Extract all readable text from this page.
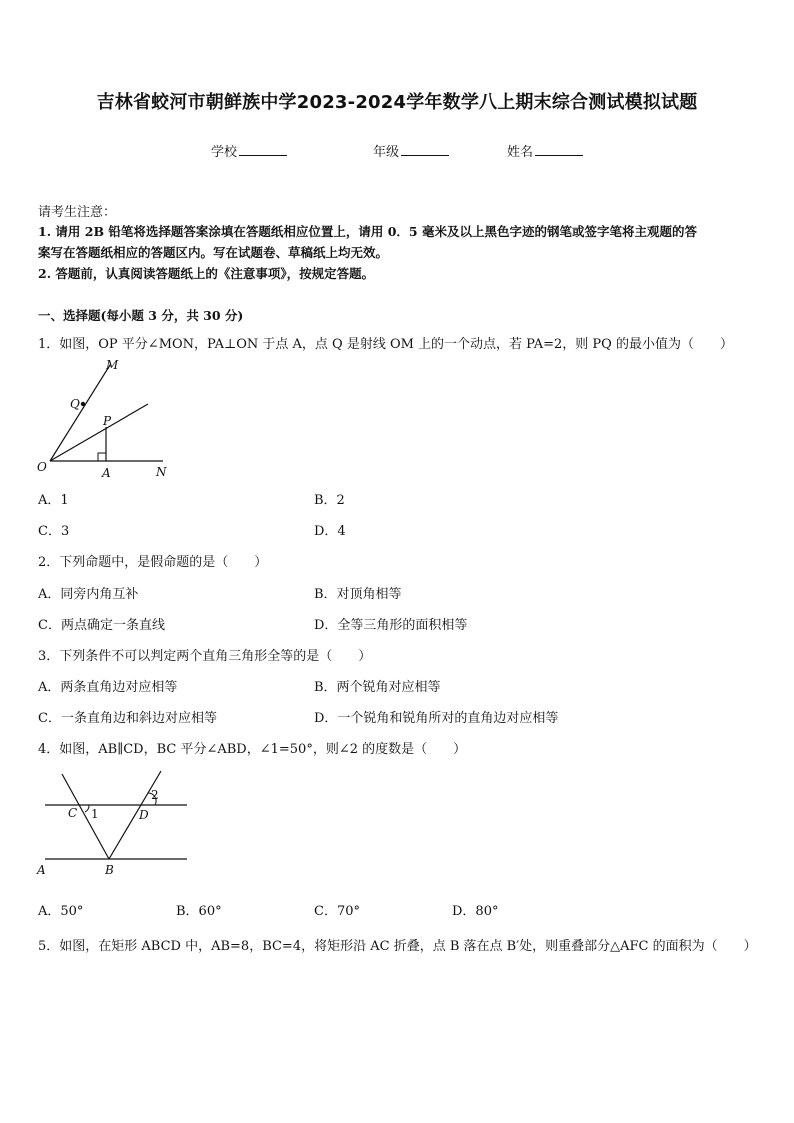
吉林省蛟河市朝鲜族中学2023-2024学年数学八上期末综合测试模拟试题
学校	年级	姓名
请考生注意：
1. 请用 2B 铅笔将选择题答案涂填在答题纸相应位置上，请用 0．5 毫米及以上黑色字迹的钢笔或签字笔将主观题的答
案写在答题纸相应的答题区内。写在试题卷、草稿纸上均无效。
2. 答题前，认真阅读答题纸上的《注意事项》，按规定答题。
一、选择题(每小题 3 分，共 30 分)
1．如图，OP 平分∠MON，PA⊥ON 于点 A，点 Q 是射线 OM 上的一个动点，若 PA=2，则 PQ 的最小值为（　　）
M
Q
P
O	A	N
A．1	B．2
C．3	D．4
2．下列命题中，是假命题的是（　　）
A．同旁内角互补	B．对顶角相等
C．两点确定一条直线	D．全等三角形的面积相等
3．下列条件不可以判定两个直角三角形全等的是（　　）
A．两条直角边对应相等	B．两个锐角对应相等
C．一条直角边和斜边对应相等	D．一个锐角和锐角所对的直角边对应相等
4．如图，AB∥CD，BC 平分∠ABD，∠1=50°，则∠2 的度数是（　　）
C 1	D
2
A	B
A．50°	B．60°	C．70°	D．80°
5．如图，在矩形 ABCD 中，AB=8，BC=4，将矩形沿 AC 折叠，点 B 落在点 B′处，则重叠部分△AFC 的面积为（　　）
